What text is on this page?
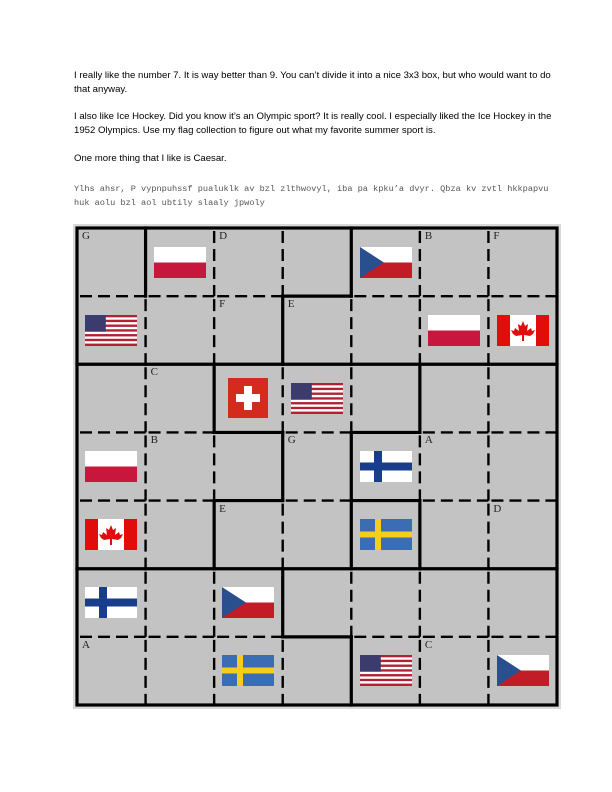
I really like the number 7. It is way better than 9. You can’t divide it into a nice 3x3 box, but who would want to do that anyway.

I also like Ice Hockey. Did you know it’s an Olympic sport? It is really cool. I especially liked the Ice Hockey in the 1952 Olympics. Use my flag collection to figure out what my favorite summer sport is.

One more thing that I like is Caesar.

Ylhs ahsr, P vypnpuhssf pualuklk av bzl zlthwovyl, iba pa kpku’a dvyr. Qbza kv zvtl hkkpapvu huk aolu bzl aol ubtily slaaly jpwoly

G	D	B	F
F	E
C
B	G	A
E	D
A	C
